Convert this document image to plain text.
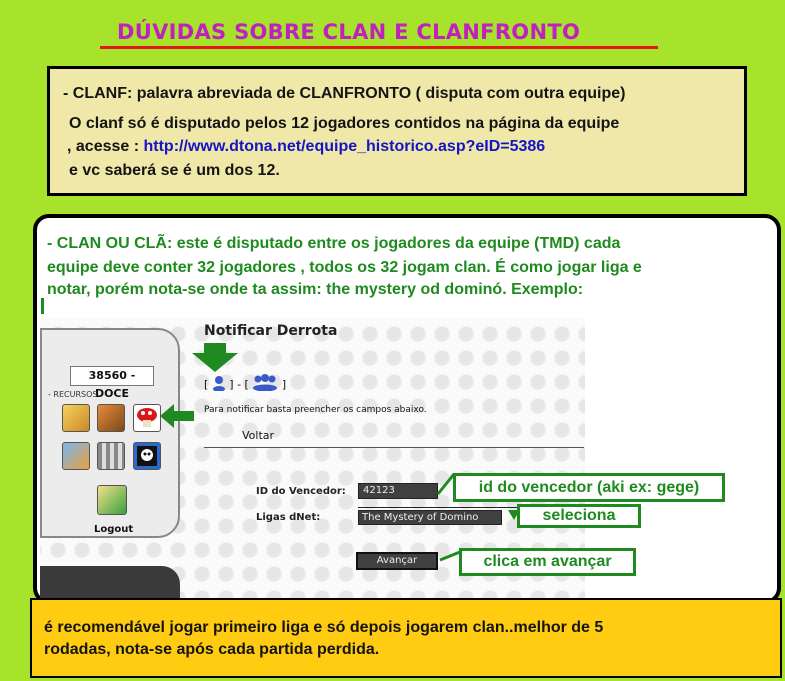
DÚVIDAS SOBRE CLAN E CLANFRONTO
- CLANF: palavra abreviada de CLANFRONTO ( disputa com outra equipe)
O clanf só é disputado pelos 12 jogadores contidos na página da equipe
, acesse : http://www.dtona.net/equipe_historico.asp?eID=5386
e vc saberá se é um dos 12.
- CLAN OU CLÃ: este é disputado entre os jogadores da equipe (TMD) cada
equipe deve conter 32 jogadores , todos os 32 jogam clan. É como jogar liga e
notar, porém nota-se onde ta assim: the mystery od dominó. Exemplo:
38560 - DOCE
- RECURSOS
Logout
Notificar Derrota
[ ] - [	]
Para notificar basta preencher os campos abaixo.
Voltar
ID do Vencedor:	42123
Ligas dNet:	The Mystery of Domino
Avançar
id do vencedor (aki ex: gege)
seleciona
clica em avançar
é recomendável jogar primeiro liga e só depois jogarem clan..melhor de 5
rodadas, nota-se após cada partida perdida.
